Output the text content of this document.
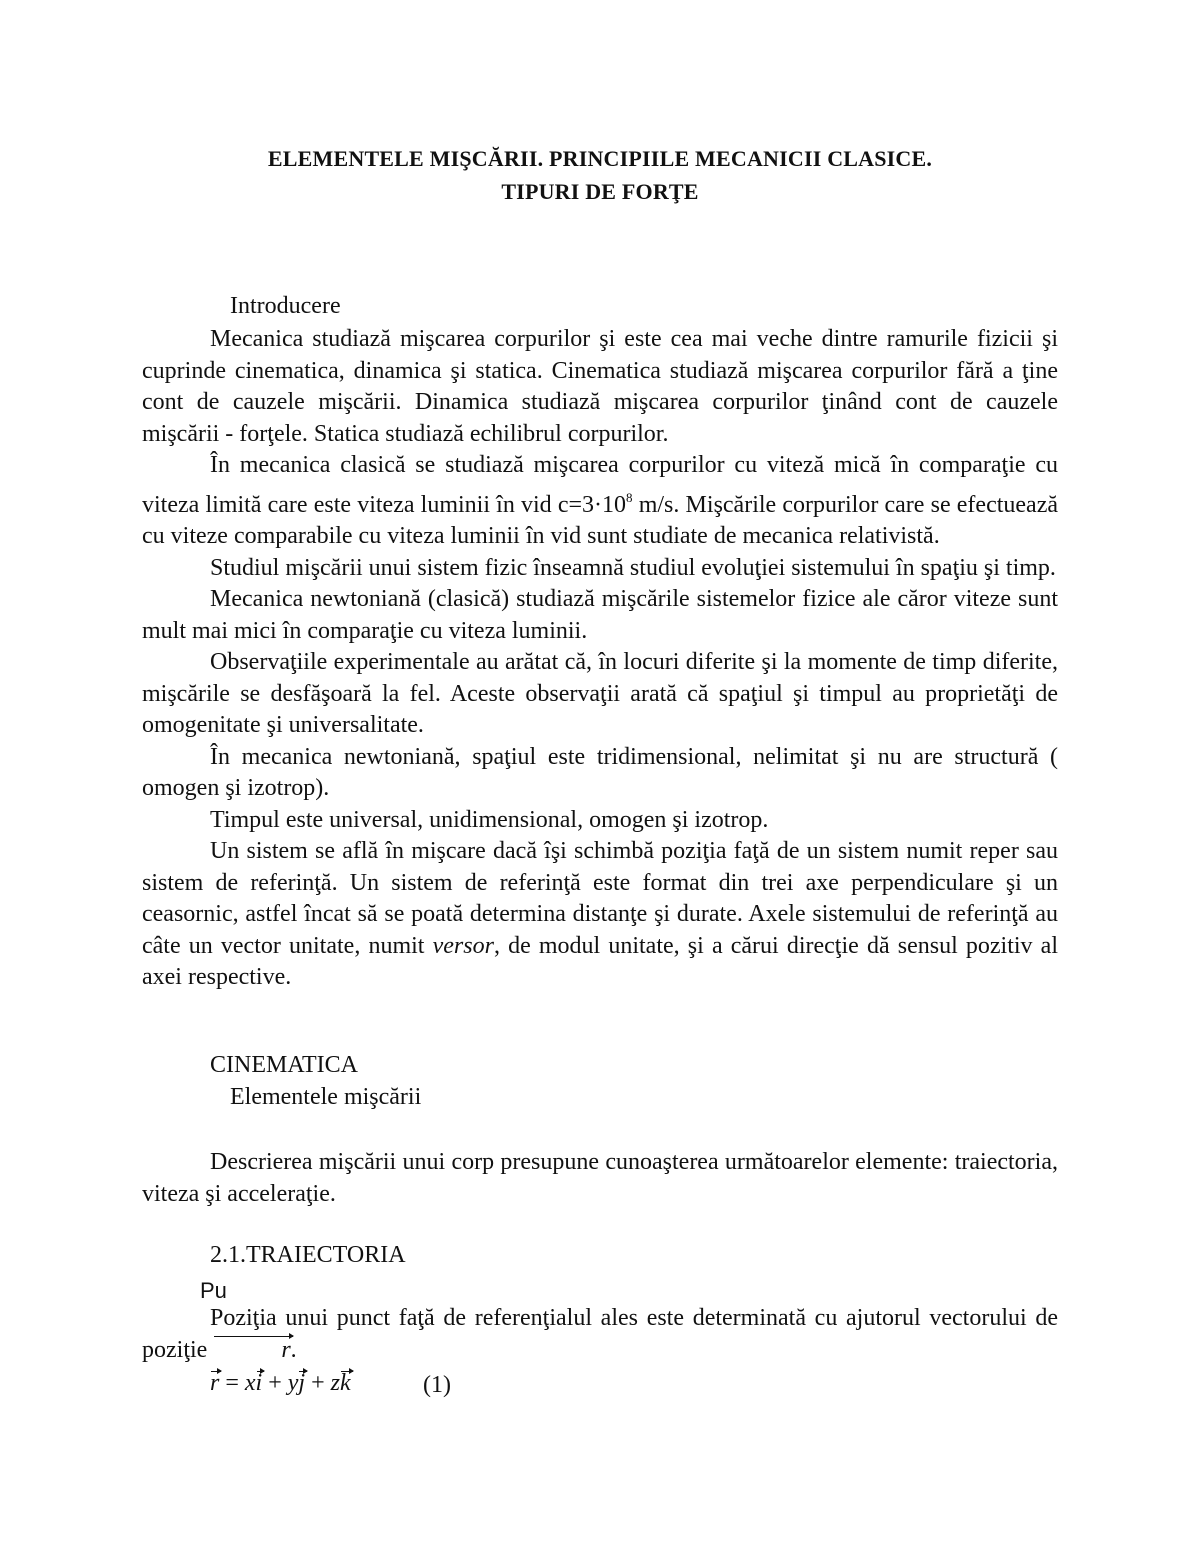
ELEMENTELE MIŞCĂRII. PRINCIPIILE MECANICII CLASICE.
TIPURI DE FORŢE
Introducere

Mecanica studiază mişcarea corpurilor şi este cea mai veche dintre ramurile fizicii şi cuprinde cinematica, dinamica şi statica. Cinematica studiază mişcarea corpurilor fără a ţine cont de cauzele mişcării. Dinamica studiază mişcarea corpurilor ţinând cont de cauzele mişcării - forţele. Statica studiază echilibrul corpurilor.

În mecanica clasică se studiază mişcarea corpurilor cu viteză mică în comparaţie cu viteza limită care este viteza luminii în vid $c=3\cdot 10^8$ m/s. Mişcările corpurilor care se efectuează cu viteze comparabile cu viteza luminii în vid sunt studiate de mecanica relativistă.

Studiul mişcării unui sistem fizic înseamnă studiul evoluţiei sistemului în spaţiu şi timp.

Mecanica newtoniană (clasică) studiază mişcările sistemelor fizice ale căror viteze sunt mult mai mici în comparaţie cu viteza luminii.

Observaţiile experimentale au arătat că, în locuri diferite şi la momente de timp diferite, mişcările se desfăşoară la fel. Aceste observaţii arată că spaţiul şi timpul au proprietăţi de omogenitate şi universalitate.

În mecanica newtoniană, spaţiul este tridimensional, nelimitat şi nu are structură ( omogen şi izotrop).

Timpul este universal, unidimensional, omogen şi izotrop.

Un sistem se află în mişcare dacă îşi schimbă poziţia faţă de un sistem numit reper sau sistem de referinţă. Un sistem de referinţă este format din trei axe perpendiculare şi un ceasornic, astfel încat să se poată determina distanţe şi durate. Axele sistemului de referinţă au câte un vector unitate, numit versor, de modul unitate, şi a cărui direcţie dă sensul pozitiv al axei respective.

CINEMATICA
Elementele mişcării

Descrierea mişcării unui corp presupune cunoaşterea următoarelor elemente: traiectoria, viteza şi acceleraţie.

2.1.TRAIECTORIA
Pu

Poziţia unui punct faţă de referenţialul ales este determinată cu ajutorul vectorului de poziţie	r.

r = xi + yj + zk	(1)
